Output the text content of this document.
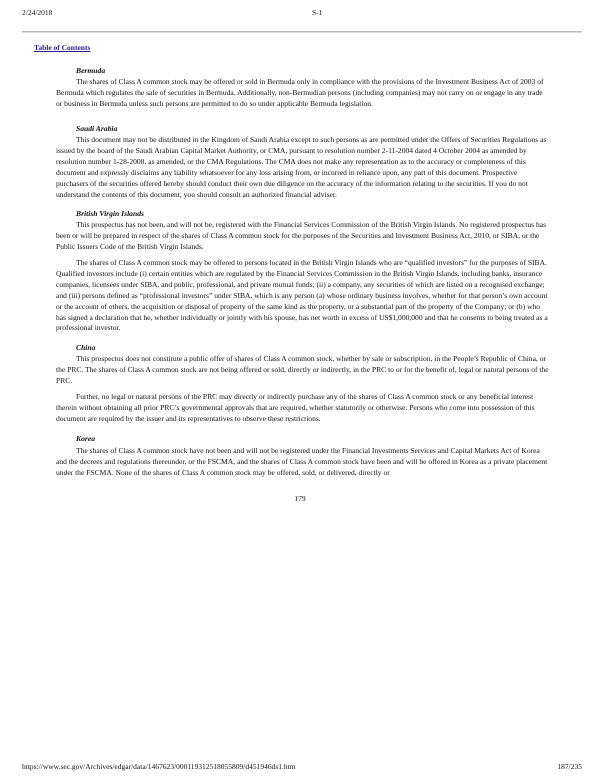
2/24/2018	S-1
Table of Contents
Bermuda
The shares of Class A common stock may be offered or sold in Bermuda only in compliance with the provisions of the Investment Business Act of 2003 of Bermuda which regulates the sale of securities in Bermuda. Additionally, non-Bermudian persons (including companies) may not carry on or engage in any trade or business in Bermuda unless such persons are permitted to do so under applicable Bermuda legislation.
Saudi Arabia
This document may not be distributed in the Kingdom of Saudi Arabia except to such persons as are permitted under the Offers of Securities Regulations as issued by the board of the Saudi Arabian Capital Market Authority, or CMA, pursuant to resolution number 2-11-2004 dated 4 October 2004 as amended by resolution number 1-28-2008, as amended, or the CMA Regulations. The CMA does not make any representation as to the accuracy or completeness of this document and expressly disclaims any liability whatsoever for any loss arising from, or incurred in reliance upon, any part of this document. Prospective purchasers of the securities offered hereby should conduct their own due diligence on the accuracy of the information relating to the securities. If you do not understand the contents of this document, you should consult an authorized financial adviser.
British Virgin Islands
This prospectus has not been, and will not be, registered with the Financial Services Commission of the British Virgin Islands. No registered prospectus has been or will be prepared in respect of the shares of Class A common stock for the purposes of the Securities and Investment Business Act, 2010, or SIBA, or the Public Issuers Code of the British Virgin Islands.
The shares of Class A common stock may be offered to persons located in the British Virgin Islands who are “qualified investors” for the purposes of SIBA. Qualified investors include (i) certain entities which are regulated by the Financial Services Commission in the British Virgin Islands, including banks, insurance companies, licensees under SIBA, and public, professional, and private mutual funds; (ii) a company, any securities of which are listed on a recognised exchange; and (iii) persons defined as “professional investors” under SIBA, which is any person (a) whose ordinary business involves, whether for that person’s own account or the account of others, the acquisition or disposal of property of the same kind as the property, or a substantial part of the property of the Company; or (b) who has signed a declaration that he, whether individually or jointly with his spouse, has net worth in excess of US$1,000,000 and that he consents to being treated as a professional investor.
China
This prospectus does not constitute a public offer of shares of Class A common stock, whether by sale or subscription, in the People’s Republic of China, or the PRC. The shares of Class A common stock are not being offered or sold, directly or indirectly, in the PRC to or for the benefit of, legal or natural persons of the PRC.
Further, no legal or natural persons of the PRC may directly or indirectly purchase any of the shares of Class A common stock or any beneficial interest therein without obtaining all prior PRC’s governmental approvals that are required, whether statutorily or otherwise. Persons who come into possession of this document are required by the issuer and its representatives to observe these restrictions.
Korea
The shares of Class A common stock have not been and will not be registered under the Financial Investments Services and Capital Markets Act of Korea and the decrees and regulations thereunder, or the FSCMA, and the shares of Class A common stock have been and will be offered in Korea as a private placement under the FSCMA. None of the shares of Class A common stock may be offered, sold, or delivered, directly or
179
https://www.sec.gov/Archives/edgar/data/1467623/000119312518055809/d451946ds1.htm	187/235
